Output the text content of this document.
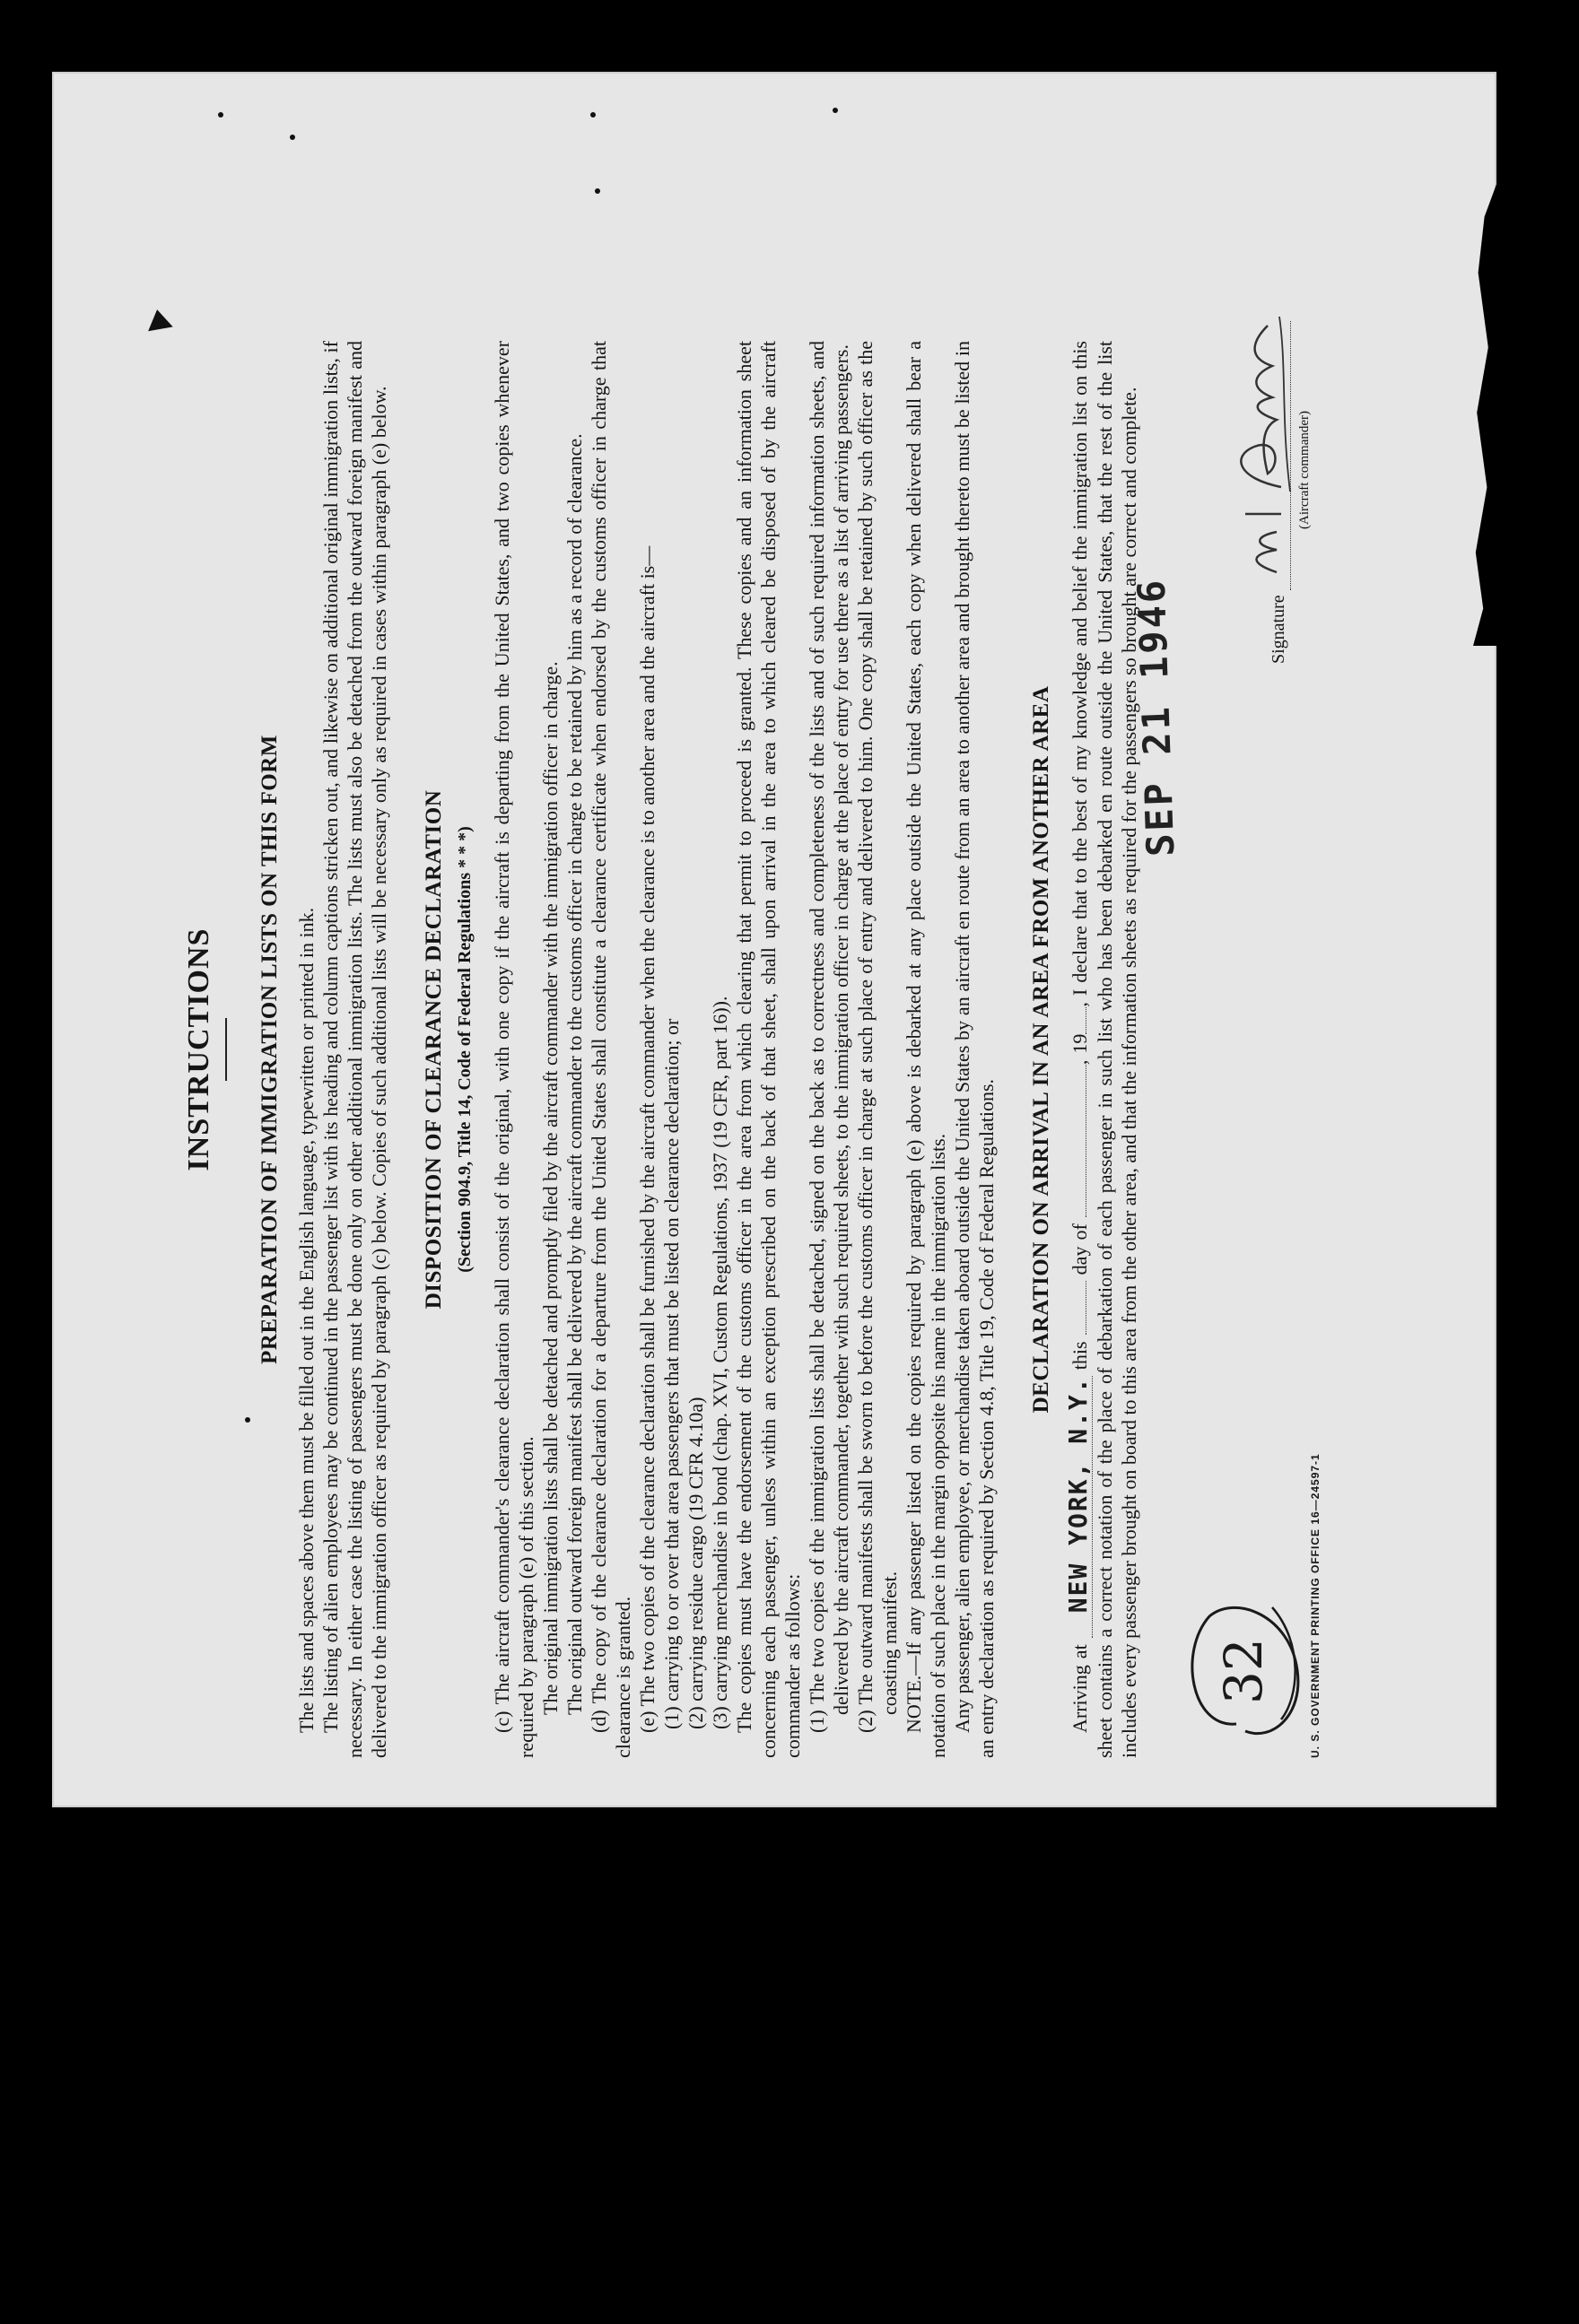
INSTRUCTIONS PREPARATION OF IMMIGRATION LISTS ON THIS FORM The lists and spaces above them must be filled out in the English language, typewritten or printed in ink. The listing of alien employees may be continued in the passenger list with its heading and column captions stricken out, and likewise on additional original immigration lists, if necessary. In either case the listing of passengers must be done only on other additional immigration lists. The lists must also be detached from the outward foreign manifest and delivered to the immigration officer as required by paragraph (c) below. Copies of such additional lists will be necessary only as required in cases within paragraph (e) below. DISPOSITION OF CLEARANCE DECLARATION (Section 904.9, Title 14, Code of Federal Regulations * * *) (c) The aircraft commander's clearance declaration shall consist of the original, with one copy if the aircraft is departing from the United States, and two copies whenever required by paragraph (e) of this section. The original immigration lists shall be detached and promptly filed by the aircraft commander with the immigration officer in charge. The original outward foreign manifest shall be delivered by the aircraft commander to the customs officer in charge to be retained by him as a record of clearance. (d) The copy of the clearance declaration for a departure from the United States shall constitute a clearance certificate when endorsed by the customs officer in charge that clearance is granted. (e) The two copies of the clearance declaration shall be furnished by the aircraft commander when the clearance is to another area and the aircraft is— (1) carrying to or over that area passengers that must be listed on clearance declaration; or (2) carrying residue cargo (19 CFR 4.10a) (3) carrying merchandise in bond (chap. XVI, Custom Regulations, 1937 (19 CFR, part 16)). The copies must have the endorsement of the customs officer in the area from which clearing that permit to proceed is granted. These copies and an information sheet concerning each passenger, unless within an exception prescribed on the back of that sheet, shall upon arrival in the area to which cleared be disposed of by the aircraft commander as follows: (1) The two copies of the immigration lists shall be detached, signed on the back as to correctness and completeness of the lists and of such required information sheets, and delivered by the aircraft commander, together with such required sheets, to the immigration officer in charge at the place of entry for use there as a list of arriving passengers. (2) The outward manifests shall be sworn to before the customs officer in charge at such place of entry and delivered to him. One copy shall be retained by such officer as the coasting manifest. NOTE.—If any passenger listed on the copies required by paragraph (e) above is debarked at any place outside the United States, each copy when delivered shall bear a notation of such place in the margin opposite his name in the immigration lists. Any passenger, alien employee, or merchandise taken aboard outside the United States by an aircraft en route from an area to another area and brought thereto must be listed in an entry declaration as required by Section 4.8, Title 19, Code of Federal Regulations.

DECLARATION ON ARRIVAL IN AN AREA FROM ANOTHER AREA

Arriving at NEW YORK, N.Y. this  day of , 19, I declare that to the best of my knowledge and belief the immigration list on this sheet contains a correct notation of the place of debarkation of each passenger in such list who has been debarked en route outside the United States, that the rest of the list includes every passenger brought on board to this area from the other area, and that the information sheets as required for the passengers so brought are correct and complete.

SEP 21 1946	Signature
(Aircraft commander)
U. S. GOVERNMENT PRINTING OFFICE 16—24597-1
32
